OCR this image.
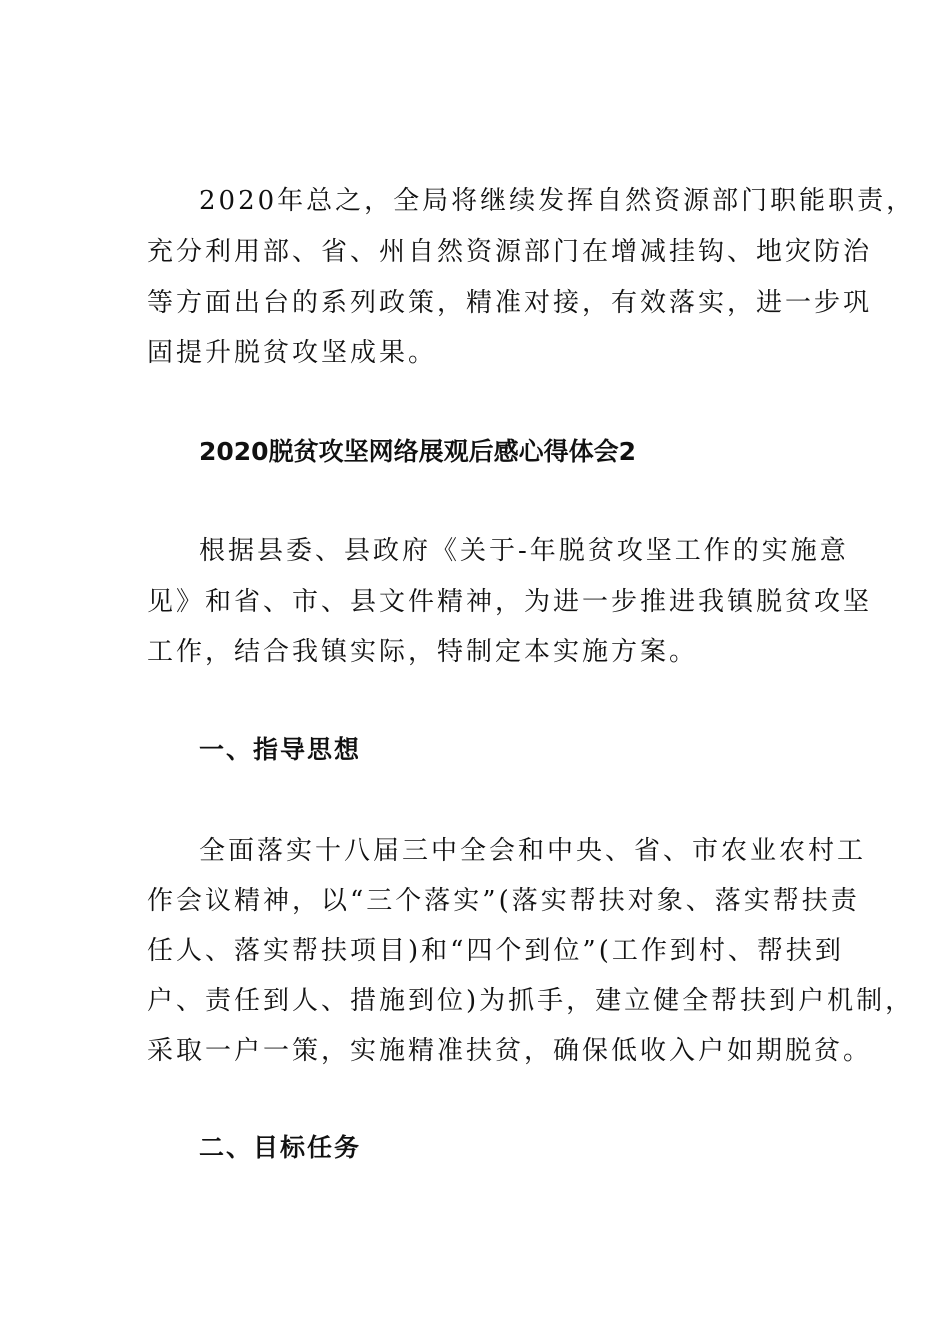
2020年总之，全局将继续发挥自然资源部门职能职责，
充分利用部、省、州自然资源部门在增减挂钩、地灾防治
等方面出台的系列政策，精准对接，有效落实，进一步巩
固提升脱贫攻坚成果。
2020脱贫攻坚网络展观后感心得体会2
根据县委、县政府《关于-年脱贫攻坚工作的实施意
见》和省、市、县文件精神，为进一步推进我镇脱贫攻坚
工作，结合我镇实际，特制定本实施方案。
一、指导思想
全面落实十八届三中全会和中央、省、市农业农村工
作会议精神，以“三个落实”(落实帮扶对象、落实帮扶责
任人、落实帮扶项目)和“四个到位”(工作到村、帮扶到
户、责任到人、措施到位)为抓手，建立健全帮扶到户机制，
采取一户一策，实施精准扶贫，确保低收入户如期脱贫。
二、目标任务
